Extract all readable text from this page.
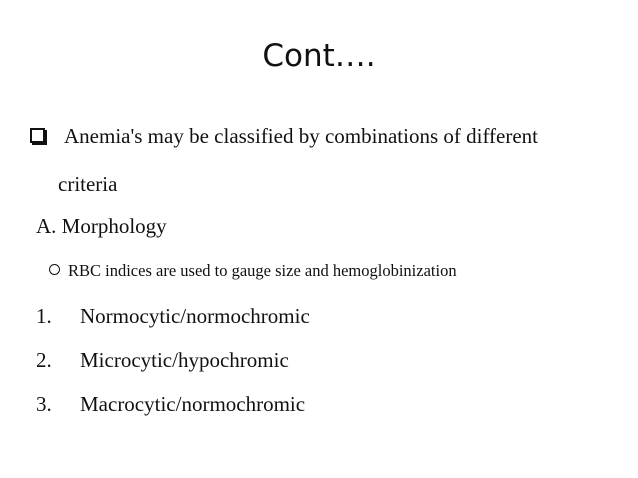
Cont….
Anemia's may be classified by combinations of different
criteria
A. Morphology
RBC indices are used to gauge size and hemoglobinization
1. Normocytic/normochromic
2. Microcytic/hypochromic
3. Macrocytic/normochromic
